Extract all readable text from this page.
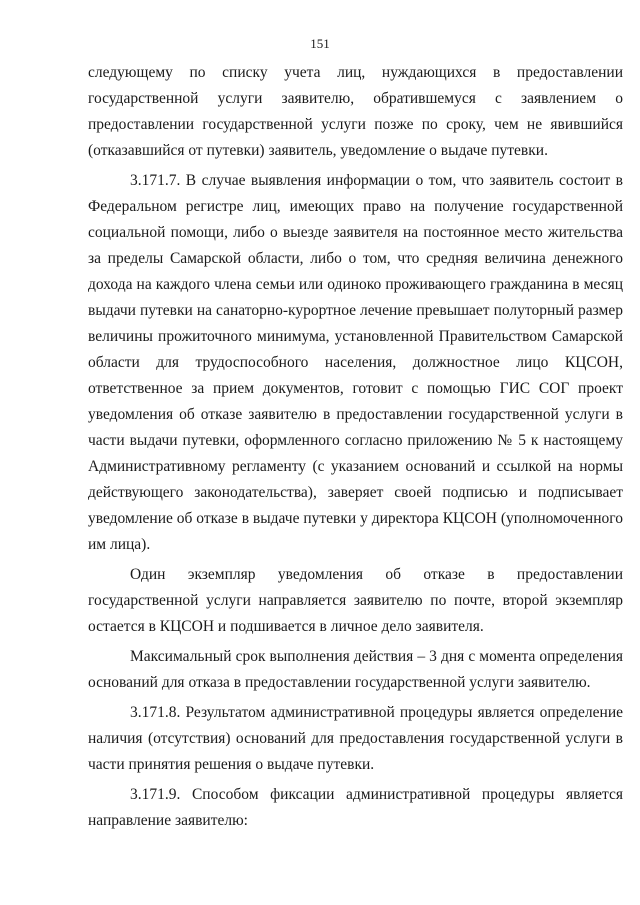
151

следующему по списку учета лиц, нуждающихся в предоставлении государственной услуги заявителю, обратившемуся с заявлением о предоставлении государственной услуги позже по сроку, чем не явившийся (отказавшийся от путевки) заявитель, уведомление о выдаче путевки.

3.171.7. В случае выявления информации о том, что заявитель состоит в Федеральном регистре лиц, имеющих право на получение государственной социальной помощи, либо о выезде заявителя на постоянное место жительства за пределы Самарской области, либо о том, что средняя величина денежного дохода на каждого члена семьи или одиноко проживающего гражданина в месяц выдачи путевки на санаторно-курортное лечение превышает полуторный размер величины прожиточного минимума, установленной Правительством Самарской области для трудоспособного населения, должностное лицо КЦСОН, ответственное за прием документов, готовит с помощью ГИС СОГ проект уведомления об отказе заявителю в предоставлении государственной услуги в части выдачи путевки, оформленного согласно приложению № 5 к настоящему Административному регламенту (с указанием оснований и ссылкой на нормы действующего законодательства), заверяет своей подписью и подписывает уведомление об отказе в выдаче путевки у директора КЦСОН (уполномоченного им лица).

Один экземпляр уведомления об отказе в предоставлении государственной услуги направляется заявителю по почте, второй экземпляр остается в КЦСОН и подшивается в личное дело заявителя.

Максимальный срок выполнения действия – 3 дня с момента определения оснований для отказа в предоставлении государственной услуги заявителю.

3.171.8. Результатом административной процедуры является определение наличия (отсутствия) оснований для предоставления государственной услуги в части принятия решения о выдаче путевки.

3.171.9. Способом фиксации административной процедуры является направление заявителю:
